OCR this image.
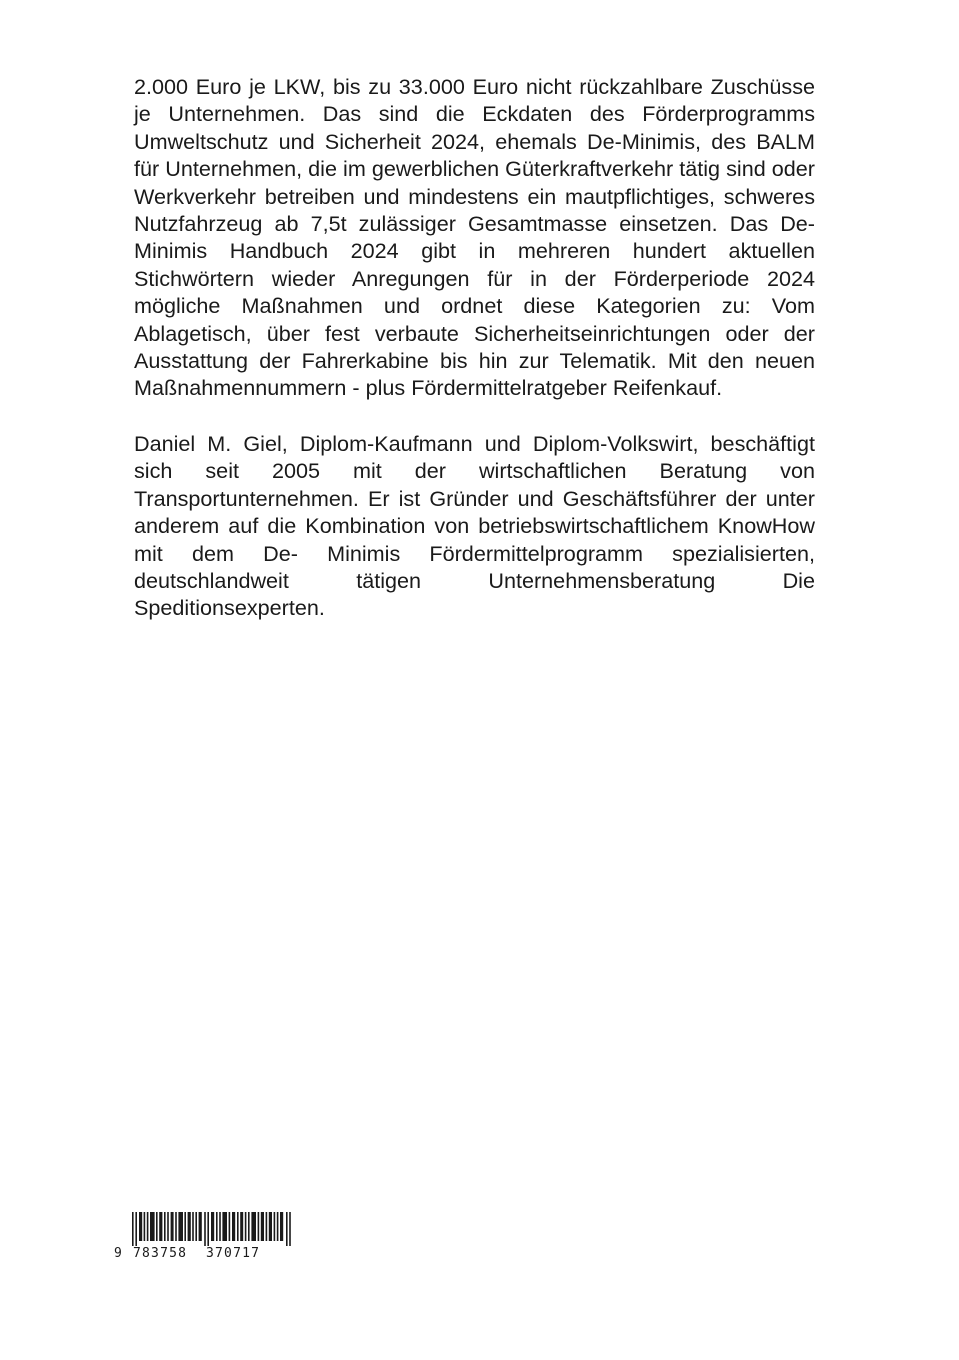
2.000 Euro je LKW, bis zu 33.000 Euro nicht rückzahlbare Zuschüsse je Unternehmen. Das sind die Eckdaten des Förderprogramms Umweltschutz und Sicherheit 2024, ehemals De-Minimis, des BALM für Unternehmen, die im gewerblichen Güterkraftverkehr tätig sind oder Werkverkehr betreiben und mindestens ein mautpflichtiges, schweres Nutzfahrzeug ab 7,5t zulässiger Gesamtmasse einsetzen. Das De-Minimis Handbuch 2024 gibt in mehreren hundert aktuellen Stichwörtern wieder Anregungen für in der Förderperiode 2024 mögliche Maßnahmen und ordnet diese Kategorien zu: Vom Ablagetisch, über fest verbaute Sicherheitseinrichtungen oder der Ausstattung der Fahrerkabine bis hin zur Telematik. Mit den neuen Maßnahmennummern - plus Fördermittelratgeber Reifenkauf.

Daniel M. Giel, Diplom-Kaufmann und Diplom-Volkswirt, beschäftigt sich seit 2005 mit der wirtschaftlichen Beratung von Transportunternehmen. Er ist Gründer und Geschäftsführer der unter anderem auf die Kombination von betriebswirtschaftlichem KnowHow mit dem De- Minimis Fördermittelprogramm spezialisierten, deutschlandweit tätigen Unternehmensberatung Die Speditionsexperten.

9 783758 370717
